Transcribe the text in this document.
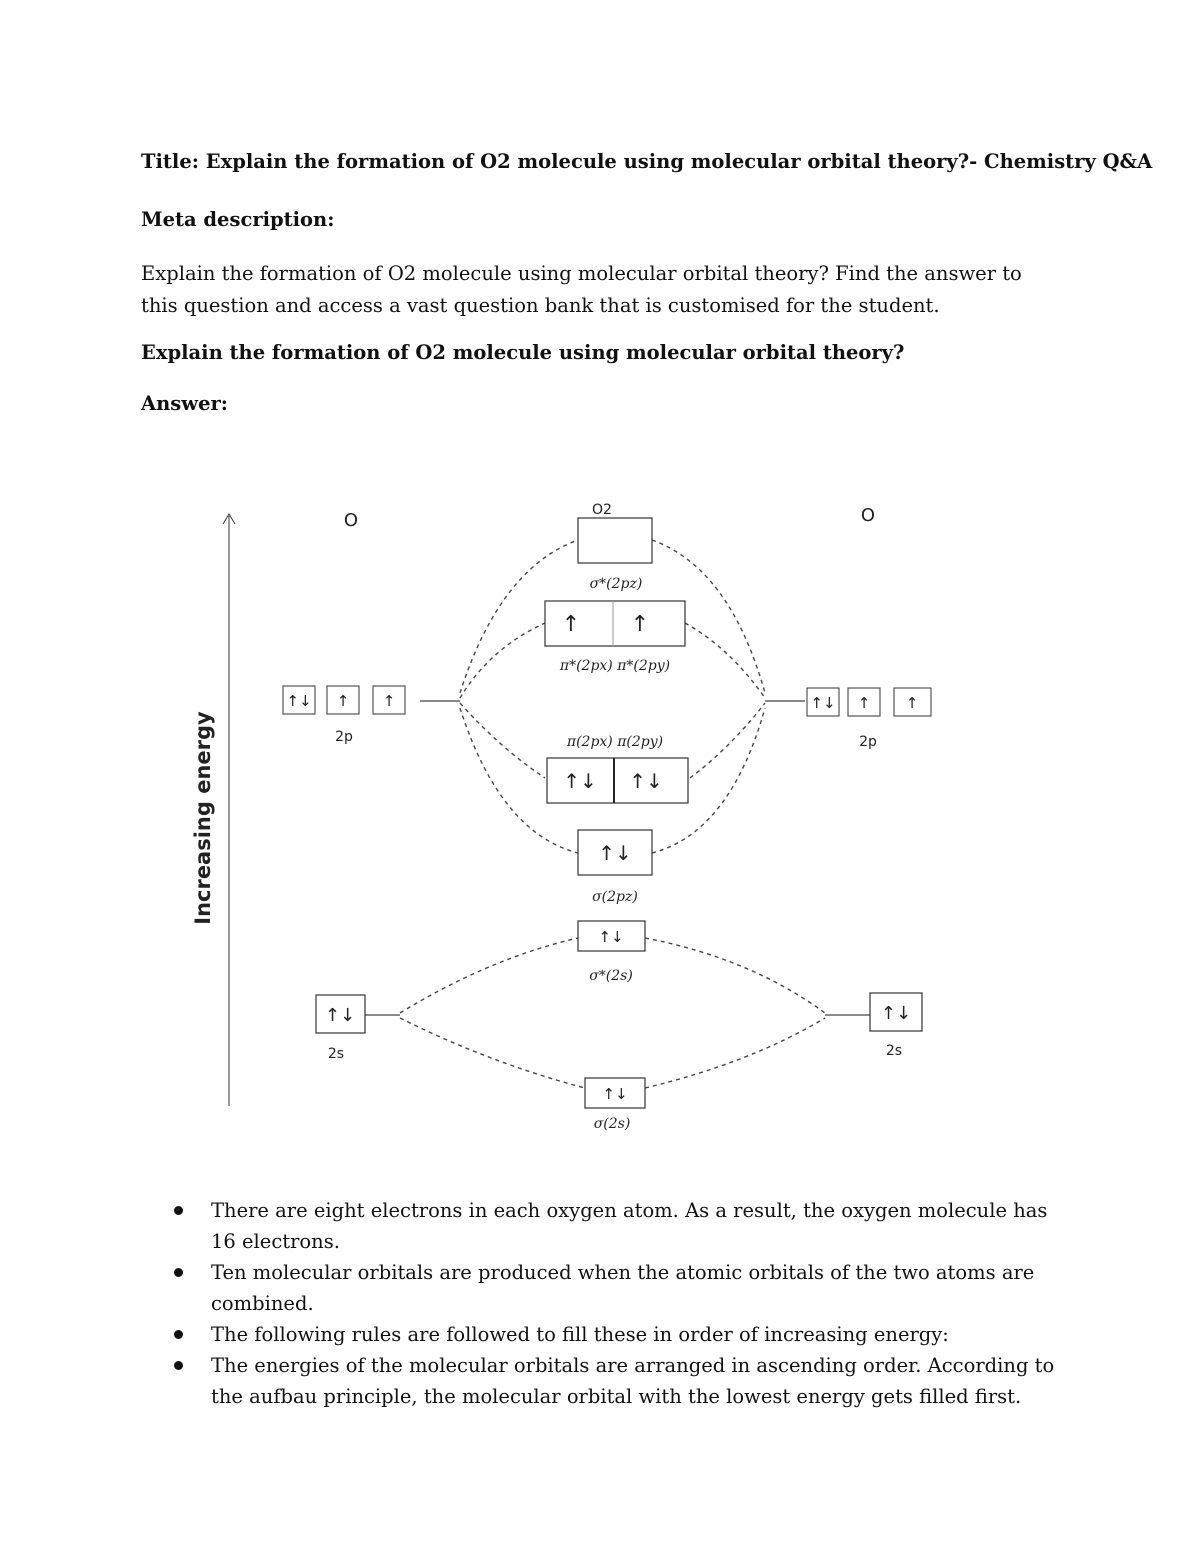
Title: Explain the formation of O2 molecule using molecular orbital theory?- Chemistry Q&A
Meta description:
Explain the formation of O2 molecule using molecular orbital theory? Find the answer to this question and access a vast question bank that is customised for the student.
Explain the formation of O2 molecule using molecular orbital theory?
Answer:
Increasing energy
O	O
O2
σ*(2pz)
↑ ↑
π*(2px) π*(2py)
↑↓ ↑ ↑
2p
↑↓ ↑ ↑
2p
π(2px) π(2py)
↑↓ ↑↓
↑↓
σ(2pz)
↑↓
σ*(2s)
↑↓
2s
↑↓
2s
↑↓
σ(2s)
There are eight electrons in each oxygen atom. As a result, the oxygen molecule has 16 electrons.
Ten molecular orbitals are produced when the atomic orbitals of the two atoms are combined.
The following rules are followed to fill these in order of increasing energy:
The energies of the molecular orbitals are arranged in ascending order. According to the aufbau principle, the molecular orbital with the lowest energy gets filled first.
